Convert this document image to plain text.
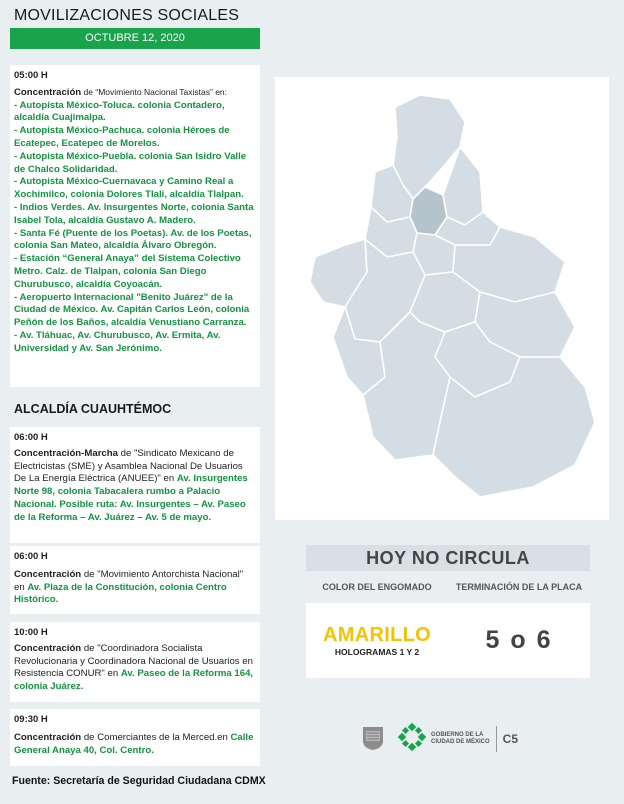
MOVILIZACIONES SOCIALES
OCTUBRE 12, 2020
05:00 H
Concentración de “Movimiento Nacional Taxistas” en:
- Autopista México-Toluca. colonia Contadero, alcaldía Cuajimalpa.
- Autopista México-Pachuca. colonia Héroes de Ecatepec, Ecatepec de Morelos.
- Autopista México-Puebla. colonia San Isidro Valle de Chalco Solidaridad.
- Autopista México-Cuernavaca y Camino Real a Xochimilco, colonia Dolores Tlali, alcaldía Tlalpan.
- Indios Verdes. Av. Insurgentes Norte, colonia Santa Isabel Tola, alcaldía Gustavo A. Madero.
- Santa Fé (Puente de los Poetas). Av. de los Poetas, colonia San Mateo, alcaldía Álvaro Obregón.
- Estación “General Anaya” del Sistema Colectivo Metro. Calz. de Tlalpan, colonia San Diego Churubusco, alcaldía Coyoacán.
- Aeropuerto Internacional "Benito Juárez" de la Ciudad de México. Av. Capitán Carlos León, colonia Peñón de los Baños, alcaldía Venustiano Carranza.
- Av. Tláhuac, Av. Churubusco, Av. Ermita, Av. Universidad y Av. San Jerónimo.
ALCALDÍA CUAUHTÉMOC
06:00 H
Concentración-Marcha de "Sindicato Mexicano de Electricistas (SME) y Asamblea Nacional De Usuarios De La Energía Eléctrica (ANUEE)" en Av. Insurgentes Norte 98, colonia Tabacalera rumbo a Palacio Nacional. Posible ruta: Av. Insurgentes – Av. Paseo de la Reforma – Av. Juárez – Av. 5 de mayo.
06:00 H
Concentración de "Movimiento Antorchista Nacional" en Av. Plaza de la Constitución, colonia Centro Histórico.
10:00 H
Concentración de "Coordinadora Socialista Revolucionaria y Coordinadora Nacional de Usuarios en Resistencia CONUR" en Av. Paseo de la Reforma 164, colonia Juárez.
09:30 H
Concentración de Comerciantes de la Merced.en Calle General Anaya 40, Col. Centro.
Fuente: Secretaría de Seguridad Ciudadana CDMX
HOY NO CIRCULA
COLOR DEL ENGOMADO	TERMINACIÓN DE LA PLACA
AMARILLO
HOLOGRAMAS 1 Y 2	5 o 6
GOBIERNO DE LA
CIUDAD DE MÉXICO C5
